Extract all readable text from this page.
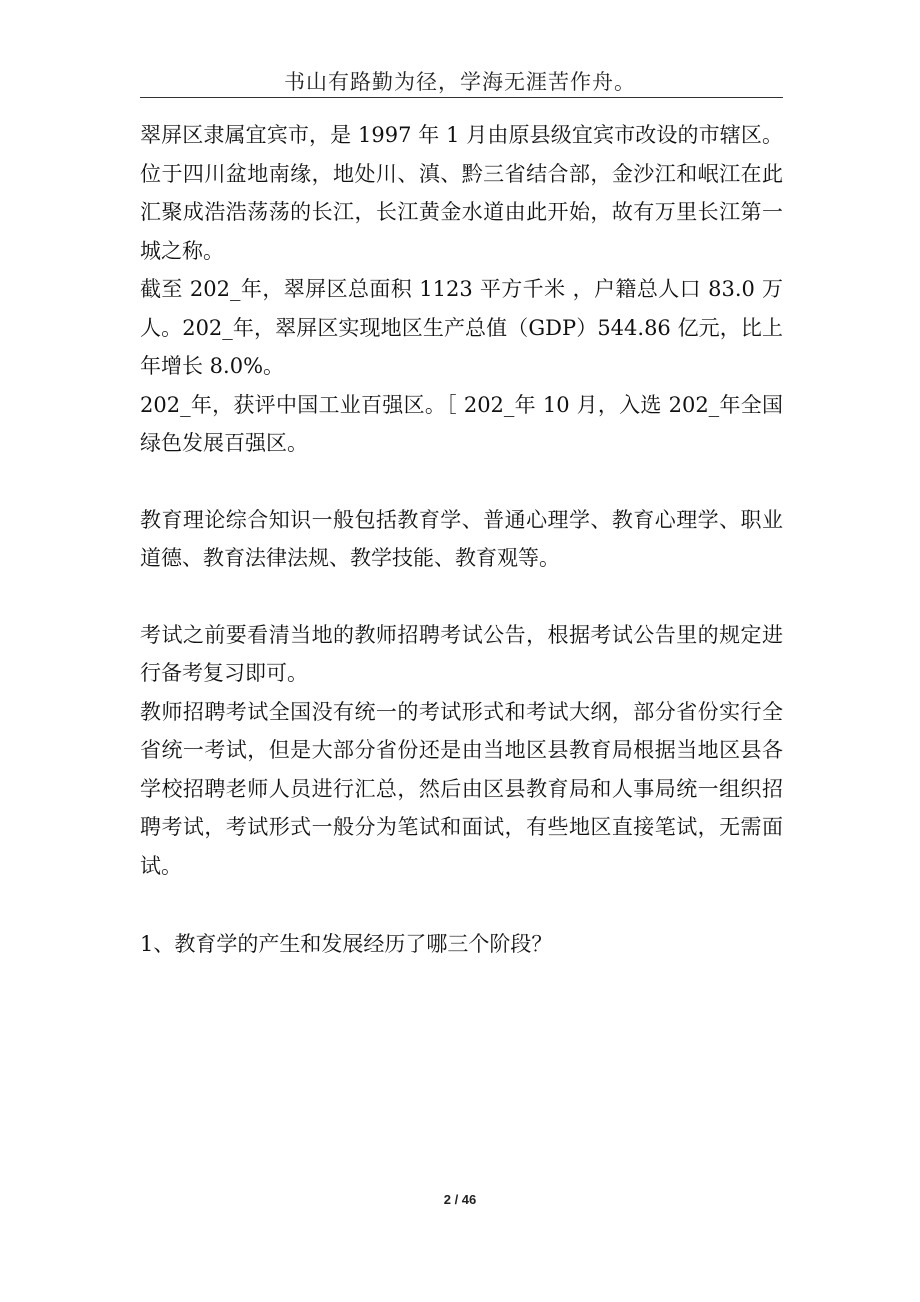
书山有路勤为径，学海无涯苦作舟。

翠屏区隶属宜宾市，是 1997 年 1 月由原县级宜宾市改设的市辖区。位于四川盆地南缘，地处川、滇、黔三省结合部，金沙江和岷江在此汇聚成浩浩荡荡的长江，长江黄金水道由此开始，故有万里长江第一城之称。

截至 202_年，翠屏区总面积 1123 平方千米 ，户籍总人口 83.0 万人。202_年，翠屏区实现地区生产总值（GDP）544.86 亿元，比上年增长 8.0%。

202_年，获评中国工业百强区。［ 202_年 10 月，入选 202_年全国绿色发展百强区。

教育理论综合知识一般包括教育学、普通心理学、教育心理学、职业道德、教育法律法规、教学技能、教育观等。

考试之前要看清当地的教师招聘考试公告，根据考试公告里的规定进行备考复习即可。

教师招聘考试全国没有统一的考试形式和考试大纲，部分省份实行全省统一考试，但是大部分省份还是由当地区县教育局根据当地区县各学校招聘老师人员进行汇总，然后由区县教育局和人事局统一组织招聘考试，考试形式一般分为笔试和面试，有些地区直接笔试，无需面试。

1、教育学的产生和发展经历了哪三个阶段？

2 / 46
